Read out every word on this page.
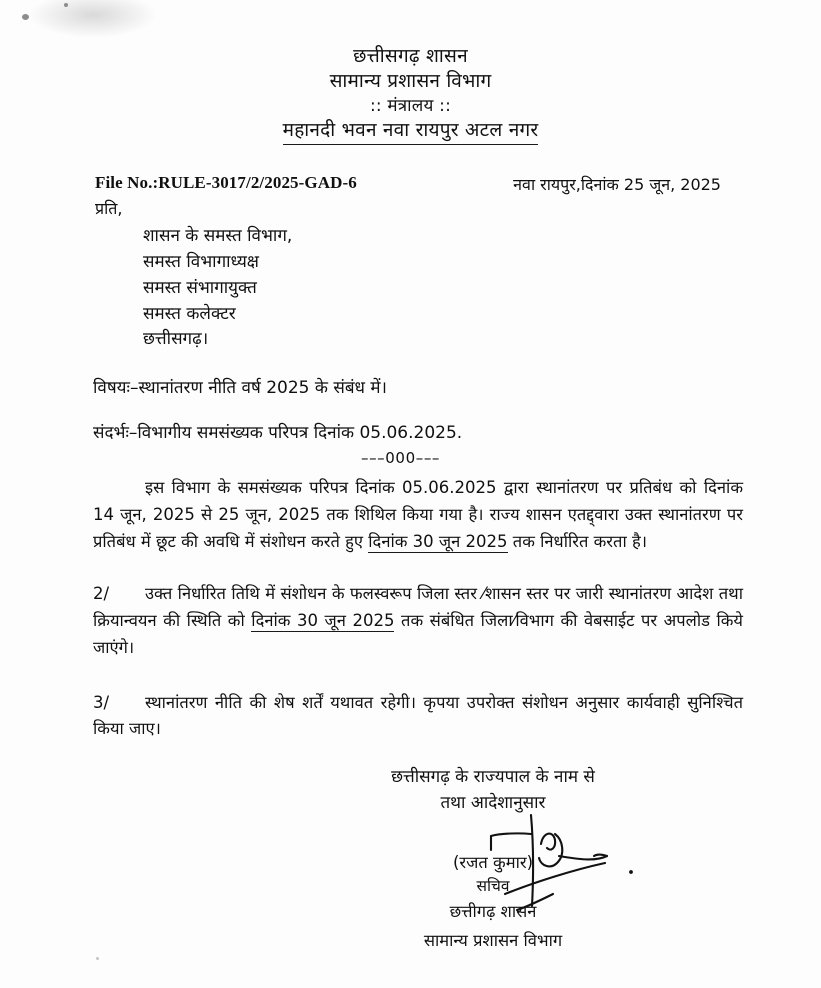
छत्तीसगढ़ शासन
सामान्य प्रशासन विभाग
:: मंत्रालय ::
महानदी भवन नवा रायपुर अटल नगर
File No.:RULE-3017/2/2025-GAD-6	नवा रायपुर,दिनांक 25 जून, 2025
प्रति,
शासन के समस्त विभाग,
समस्त विभागाध्यक्ष
समस्त संभागायुक्त
समस्त कलेक्टर
छत्तीसगढ़।
विषयः–स्थानांतरण नीति वर्ष 2025 के संबंध में।
संदर्भः–विभागीय समसंख्यक परिपत्र दिनांक 05.06.2025.
–––000–––
इस विभाग के समसंख्यक परिपत्र दिनांक 05.06.2025 द्वारा स्थानांतरण पर प्रतिबंध को दिनांक 14 जून, 2025 से 25 जून, 2025 तक शिथिल किया गया है। राज्य शासन एतद्द्वारा उक्त स्थानांतरण पर प्रतिबंध में छूट की अवधि में संशोधन करते हुए दिनांक 30 जून 2025 तक निर्धारित करता है।
2/ उक्त निर्धारित तिथि में संशोधन के फलस्वरूप जिला स्तर ⁄शासन स्तर पर जारी स्थानांतरण आदेश तथा क्रियान्वयन की स्थिति को दिनांक 30 जून 2025 तक संबंधित जिला⁄विभाग की वेबसाईट पर अपलोड किये जाएंगे।
3/ स्थानांतरण नीति की शेष शर्तें यथावत रहेगी। कृपया उपरोक्त संशोधन अनुसार कार्यवाही सुनिश्चित किया जाए।
छत्तीसगढ़ के राज्यपाल के नाम से
तथा आदेशानुसार
(रजत कुमार)
सचिव
छत्तीगढ़ शासन
सामान्य प्रशासन विभाग
